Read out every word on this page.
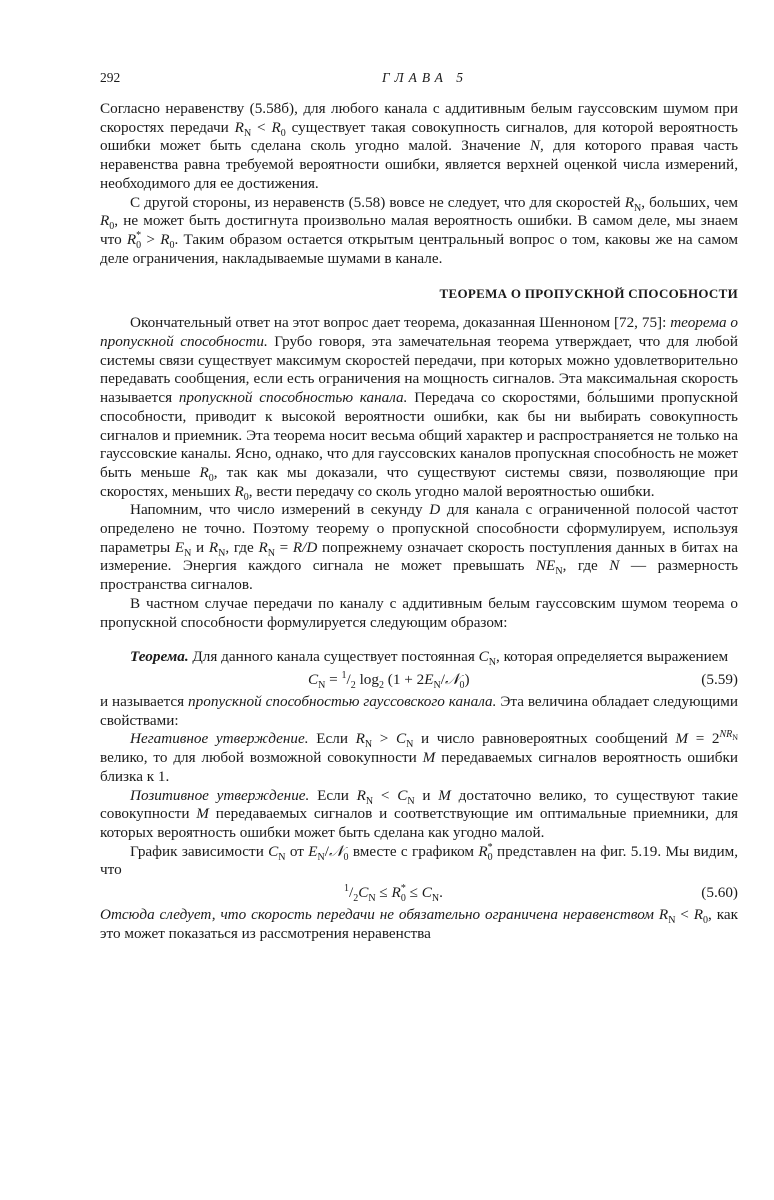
292	ГЛАВА 5

Согласно неравенству (5.58б), для любого канала с аддитивным белым гауссовским шумом при скоростях передачи $R_N < R_0$ существует такая совокупность сигналов, для которой вероятность ошибки может быть сделана сколь угодно малой. Значение N, для которого правая часть неравенства равна требуемой вероятности ошибки, является верхней оценкой числа измерений, необходимого для ее достижения.

С другой стороны, из неравенств (5.58) вовсе не следует, что для скоростей $R_N$, больших, чем $R_0$, не может быть достигнута произвольно малая вероятность ошибки. В самом деле, мы знаем что $R^*_0 > R_0$. Таким образом остается открытым центральный вопрос о том, каковы же на самом деле ограничения, накладываемые шумами в канале.

ТЕОРЕМА О ПРОПУСКНОЙ СПОСОБНОСТИ

Окончательный ответ на этот вопрос дает теорема, доказанная Шенноном [72, 75]: теорема о пропускной способности. Грубо говоря, эта замечательная теорема утверждает, что для любой системы связи существует максимум скоростей передачи, при которых можно удовлетворительно передавать сообщения, если есть ограничения на мощность сигналов. Эта максимальная скорость называется пропускной способностью канала. Передача со скоростями, бо́льшими пропускной способности, приводит к высокой вероятности ошибки, как бы ни выбирать совокупность сигналов и приемник. Эта теорема носит весьма общий характер и распространяется не только на гауссовские каналы. Ясно, однако, что для гауссовских каналов пропускная способность не может быть меньше $R_0$, так как мы доказали, что существуют системы связи, позволяющие при скоростях, меньших $R_0$, вести передачу со сколь угодно малой вероятностью ошибки.

Напомним, что число измерений в секунду D для канала с ограниченной полосой частот определено не точно. Поэтому теорему о пропускной способности сформулируем, используя параметры $E_N$ и $R_N$, где $R_N = R/D$ попрежнему означает скорость поступления данных в битах на измерение. Энергия каждого сигнала не может превышать $NE_N$, где N — размерность пространства сигналов.

В частном случае передачи по каналу с аддитивным белым гауссовским шумом теорема о пропускной способности формулируется следующим образом:

Теорема. Для данного канала существует постоянная $C_N$, которая определяется выражением

$C_N = ^1/_2$ $\log_2 (1$ + $2E_N/𝒩_0$)	(5.59)

и называется пропускной способностью гауссовского канала. Эта величина обладает следующими свойствами:

Негативное утверждение. Если $R_N > C_N$ и число равновероятных сообщений $M = 2^{NR_N}$ велико, то для любой возможной совокупности M передаваемых сигналов вероятность ошибки близка к 1.

Позитивное утверждение. Если $R_N < C_N$ и M достаточно велико, то существуют такие совокупности M передаваемых сигналов и соответствующие им оптимальные приемники, для которых вероятность ошибки может быть сделана как угодно малой.

График зависимости $C_N$ от $E_N/𝒩_0$ вместе с графиком $R^*_0$ представлен на фиг. 5.19. Мы видим, что

$^1/_2C_N \le R^*_0 \le C_N$.	(5.60)

Отсюда следует, что скорость передачи не обязательно ограничена неравенством $R_N < R_0$, как это может показаться из рассмотрения неравенства
